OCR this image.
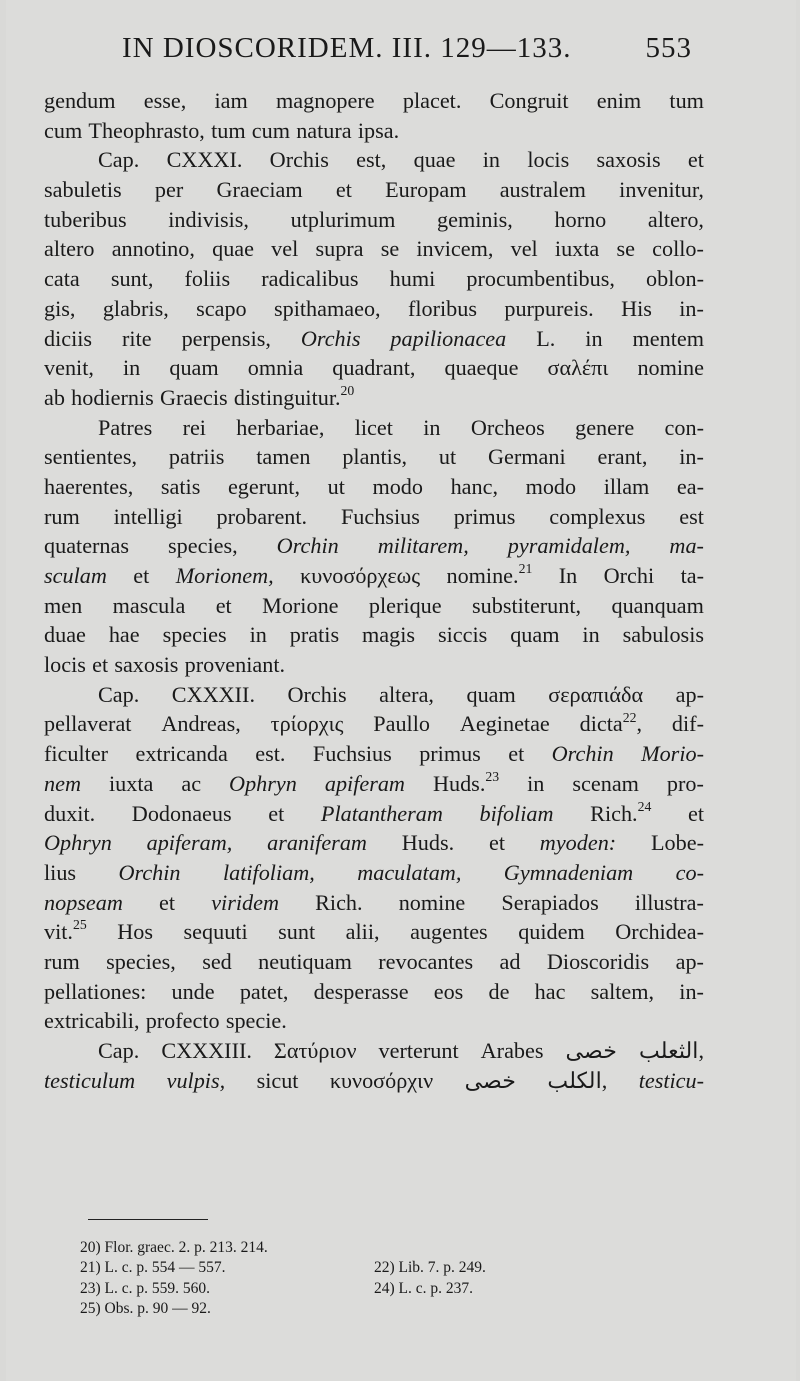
IN DIOSCORIDEM. III. 129—133.	553
gendum esse, iam magnopere placet. Congruit enim tum
cum Theophrasto, tum cum natura ipsa.
Cap. CXXXI. Orchis est, quae in locis saxosis et
sabuletis per Graeciam et Europam australem invenitur,
tuberibus indivisis, utplurimum geminis, horno altero,
altero annotino, quae vel supra se invicem, vel iuxta se collo-
cata sunt, foliis radicalibus humi procumbentibus, oblon-
gis, glabris, scapo spithamaeo, floribus purpureis. His in-
diciis rite perpensis, Orchis papilionacea L. in mentem
venit, in quam omnia quadrant, quaeque σαλέπι nomine
ab hodiernis Graecis distinguitur.$^{20}$
Patres rei herbariae, licet in Orcheos genere con-
sentientes, patriis tamen plantis, ut Germani erant, in-
haerentes, satis egerunt, ut modo hanc, modo illam ea-
rum intelligi probarent. Fuchsius primus complexus est
quaternas species, Orchin militarem, pyramidalem, ma-
sculam et Morionem, κυνοσόρχεως nomine.$^{21}$ In Orchi ta-
men mascula et Morione plerique substiterunt, quanquam
duae hae species in pratis magis siccis quam in sabulosis
locis et saxosis proveniant.
Cap. CXXXII. Orchis altera, quam σεραπιάδα ap-
pellaverat Andreas, τρίορχις Paullo Aeginetae dicta$^{22}$, dif-
ficulter extricanda est. Fuchsius primus et Orchin Morio-
nem iuxta ac Ophryn apiferam Huds.$^{23}$ in scenam pro-
duxit. Dodonaeus et Platantheram bifoliam Rich.$^{24}$ et
Ophryn apiferam, araniferam Huds. et myoden: Lobe-
lius Orchin latifoliam, maculatam, Gymnadeniam co-
nopseam et viridem Rich. nomine Serapiados illustra-
vit.$^{25}$ Hos sequuti sunt alii, augentes quidem Orchidea-
rum species, sed neutiquam revocantes ad Dioscoridis ap-
pellationes: unde patet, desperasse eos de hac saltem, in-
extricabili, profecto specie.
Cap. CXXXIII. Σατύριον verterunt Arabes خصى الثعلب,
testiculum vulpis, sicut κυνοσόρχιν خصى الكلب, testicu-
20) Flor. graec. 2. p. 213. 214.
21) L. c. p. 554 — 557.	22) Lib. 7. p. 249.
23) L. c. p. 559. 560.	24) L. c. p. 237.
25) Obs. p. 90 — 92.
